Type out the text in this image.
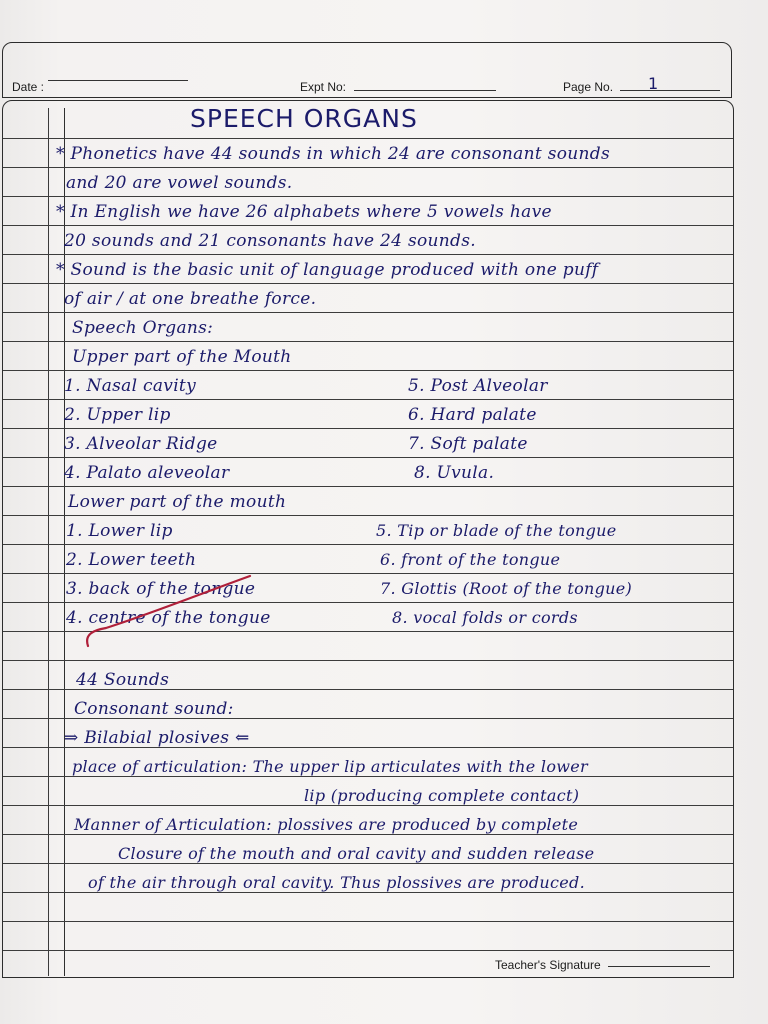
Date :	Expt No:	Page No. 1
SPEECH ORGANS
* Phonetics have 44 sounds in which 24 are consonant sounds
and 20 are vowel sounds.
* In English we have 26 alphabets where 5 vowels have
20 sounds and 21 consonants have 24 sounds.
* Sound is the basic unit of language produced with one puff
of air / at one breathe force.
Speech Organs:
Upper part of the Mouth
1. Nasal cavity
2. Upper lip
3. Alveolar Ridge
4. Palato aleveolar
5. Post Alveolar
6. Hard palate
7. Soft palate
8. Uvula.
Lower part of the mouth
1. Lower lip
2. Lower teeth
3. back of the tongue
4. centre of the tongue
5. Tip or blade of the tongue
6. front of the tongue
7. Glottis (Root of the tongue)
8. vocal folds or cords
44 Sounds
Consonant sound:
⇒ Bilabial plosives ⇐
place of articulation: The upper lip articulates with the lower
lip (producing complete contact)
Manner of Articulation: plossives are produced by complete
Closure of the mouth and oral cavity and sudden release
of the air through oral cavity. Thus plossives are produced.
Teacher's Signature
